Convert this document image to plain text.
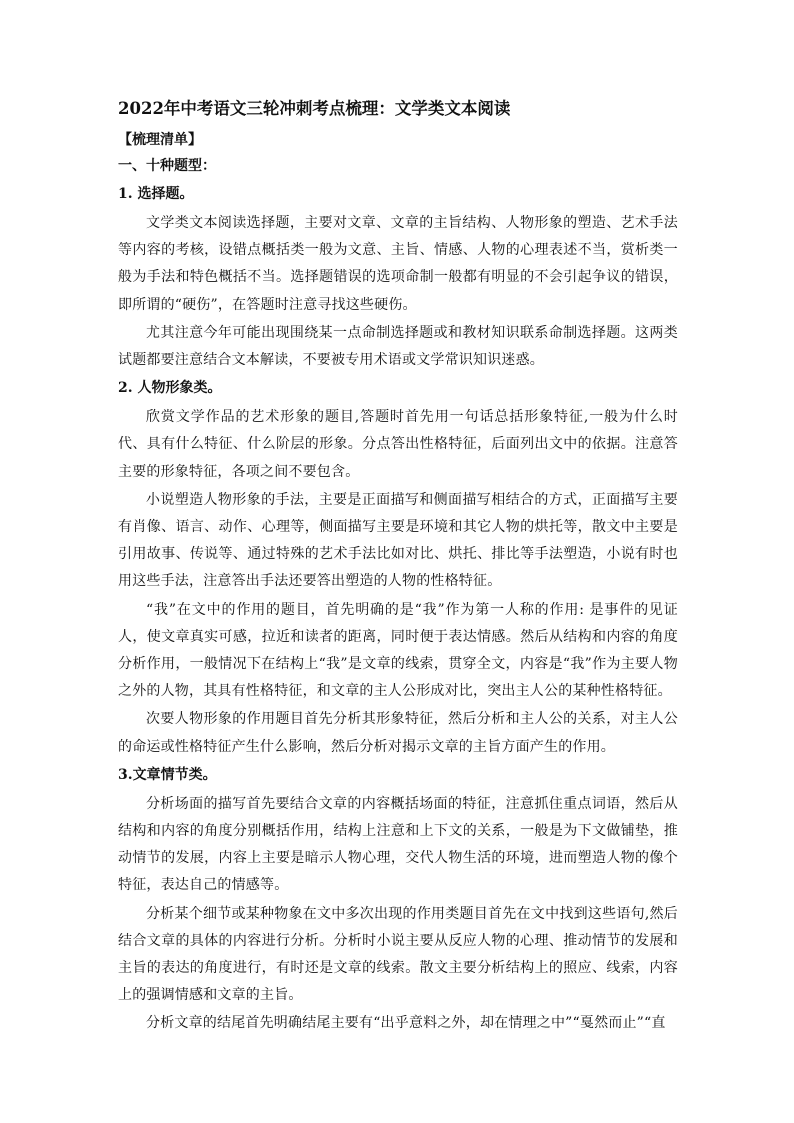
2022年中考语文三轮冲刺考点梳理：文学类文本阅读
【梳理清单】
一、十种题型：
1. 选择题。
文学类文本阅读选择题，主要对文章、文章的主旨结构、人物形象的塑造、艺术手法等内容的考核，设错点概括类一般为文意、主旨、情感、人物的心理表述不当，赏析类一般为手法和特色概括不当。选择题错误的选项命制一般都有明显的不会引起争议的错误，即所谓的“硬伤”，在答题时注意寻找这些硬伤。
尤其注意今年可能出现围绕某一点命制选择题或和教材知识联系命制选择题。这两类试题都要注意结合文本解读，不要被专用术语或文学常识知识迷惑。
2. 人物形象类。
欣赏文学作品的艺术形象的题目,答题时首先用一句话总括形象特征,一般为什么时代、具有什么特征、什么阶层的形象。分点答出性格特征，后面列出文中的依据。注意答主要的形象特征，各项之间不要包含。
小说塑造人物形象的手法，主要是正面描写和侧面描写相结合的方式，正面描写主要有肖像、语言、动作、心理等，侧面描写主要是环境和其它人物的烘托等，散文中主要是引用故事、传说等、通过特殊的艺术手法比如对比、烘托、排比等手法塑造，小说有时也用这些手法，注意答出手法还要答出塑造的人物的性格特征。
“我”在文中的作用的题目，首先明确的是“我”作为第一人称的作用: 是事件的见证人，使文章真实可感，拉近和读者的距离，同时便于表达情感。然后从结构和内容的角度分析作用，一般情况下在结构上“我”是文章的线索，贯穿全文，内容是“我”作为主要人物之外的人物，其具有性格特征，和文章的主人公形成对比，突出主人公的某种性格特征。
次要人物形象的作用题目首先分析其形象特征，然后分析和主人公的关系，对主人公的命运或性格特征产生什么影响，然后分析对揭示文章的主旨方面产生的作用。
3.文章情节类。
分析场面的描写首先要结合文章的内容概括场面的特征，注意抓住重点词语，然后从结构和内容的角度分别概括作用，结构上注意和上下文的关系，一般是为下文做铺垫，推动情节的发展，内容上主要是暗示人物心理，交代人物生活的环境，进而塑造人物的像个特征，表达自己的情感等。
分析某个细节或某种物象在文中多次出现的作用类题目首先在文中找到这些语句,然后结合文章的具体的内容进行分析。分析时小说主要从反应人物的心理、推动情节的发展和主旨的表达的角度进行，有时还是文章的线索。散文主要分析结构上的照应、线索，内容上的强调情感和文章的主旨。
分析文章的结尾首先明确结尾主要有“出乎意料之外，却在情理之中”“戛然而止”“直
